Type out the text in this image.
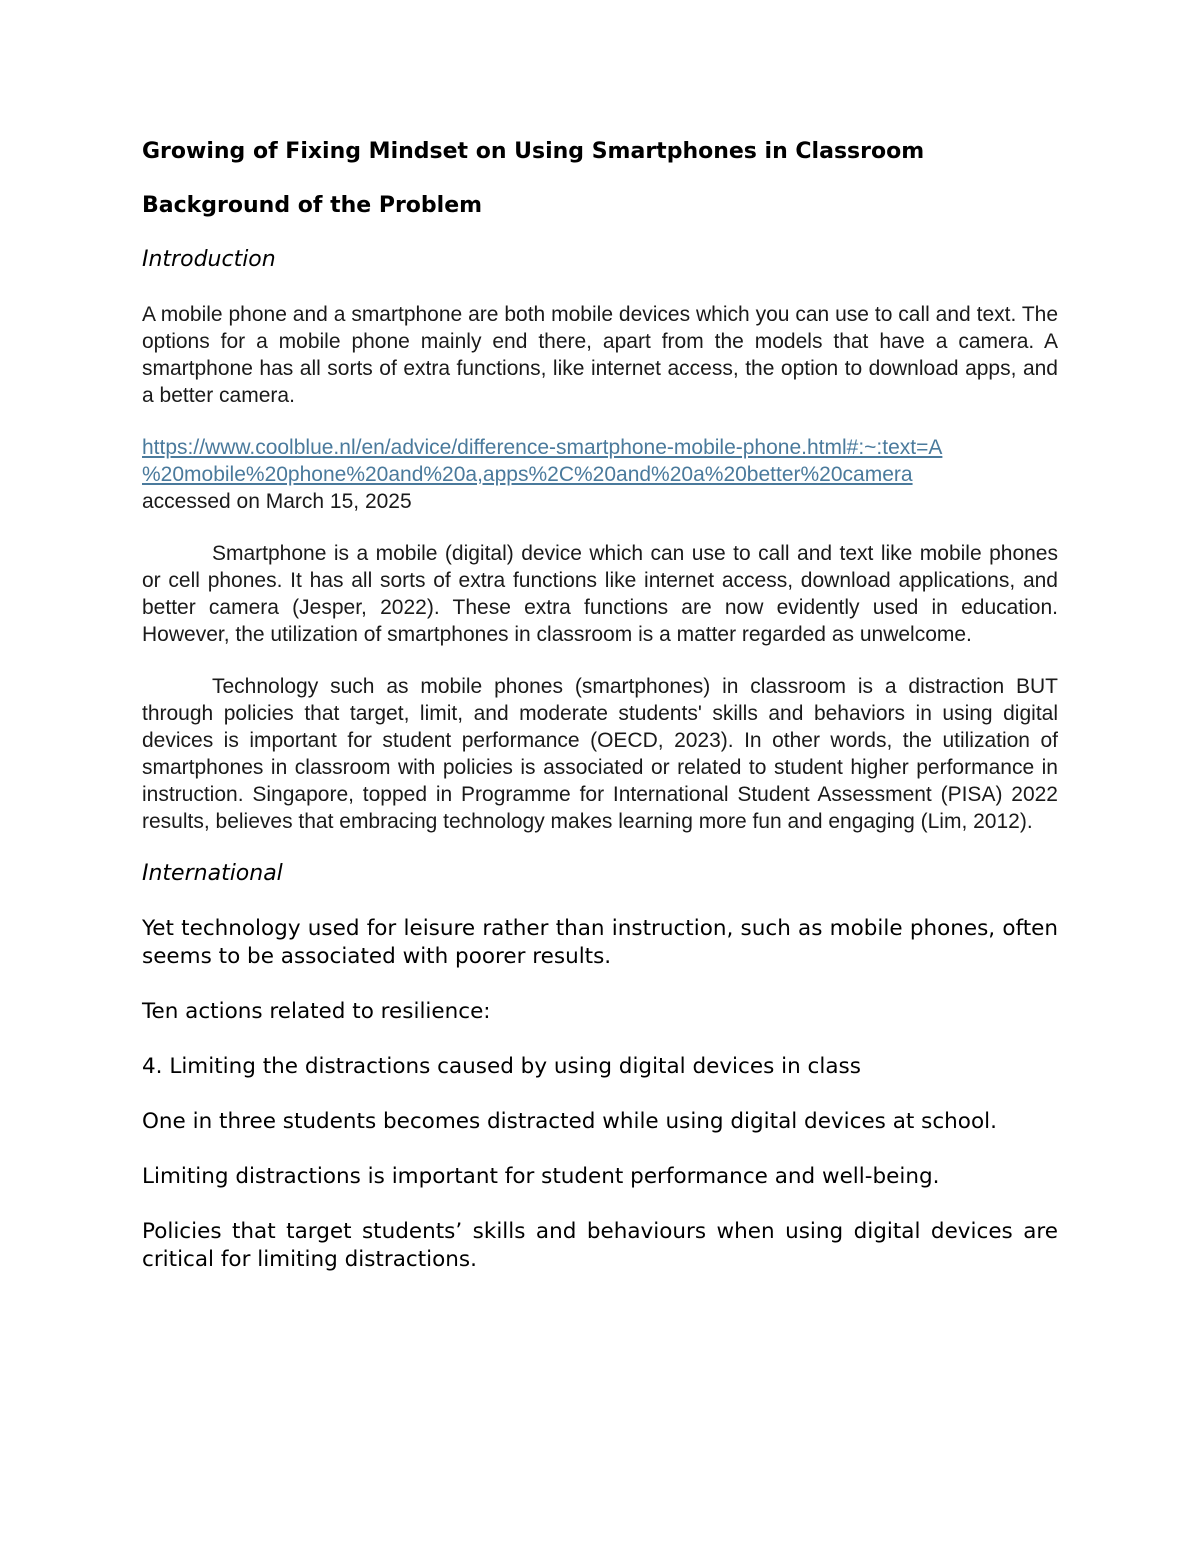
Growing of Fixing Mindset on Using Smartphones in Classroom

Background of the Problem

Introduction

A mobile phone and a smartphone are both mobile devices which you can use to call and text. The options for a mobile phone mainly end there, apart from the models that have a camera. A smartphone has all sorts of extra functions, like internet access, the option to download apps, and a better camera.

https://www.coolblue.nl/en/advice/difference-smartphone-mobile-phone.html#:~:text=A
%20mobile%20phone%20and%20a,apps%2C%20and%20a%20better%20camera
accessed on March 15, 2025

Smartphone is a mobile (digital) device which can use to call and text like mobile phones or cell phones. It has all sorts of extra functions like internet access, download applications, and better camera (Jesper, 2022). These extra functions are now evidently used in education. However, the utilization of smartphones in classroom is a matter regarded as unwelcome.

Technology such as mobile phones (smartphones) in classroom is a distraction BUT through policies that target, limit, and moderate students' skills and behaviors in using digital devices is important for student performance (OECD, 2023). In other words, the utilization of smartphones in classroom with policies is associated or related to student higher performance in instruction. Singapore, topped in Programme for International Student Assessment (PISA) 2022 results, believes that embracing technology makes learning more fun and engaging (Lim, 2012).

International

Yet technology used for leisure rather than instruction, such as mobile phones, often seems to be associated with poorer results.

Ten actions related to resilience:

4. Limiting the distractions caused by using digital devices in class

One in three students becomes distracted while using digital devices at school.

Limiting distractions is important for student performance and well-being.

Policies that target students’ skills and behaviours when using digital devices are critical for limiting distractions.
